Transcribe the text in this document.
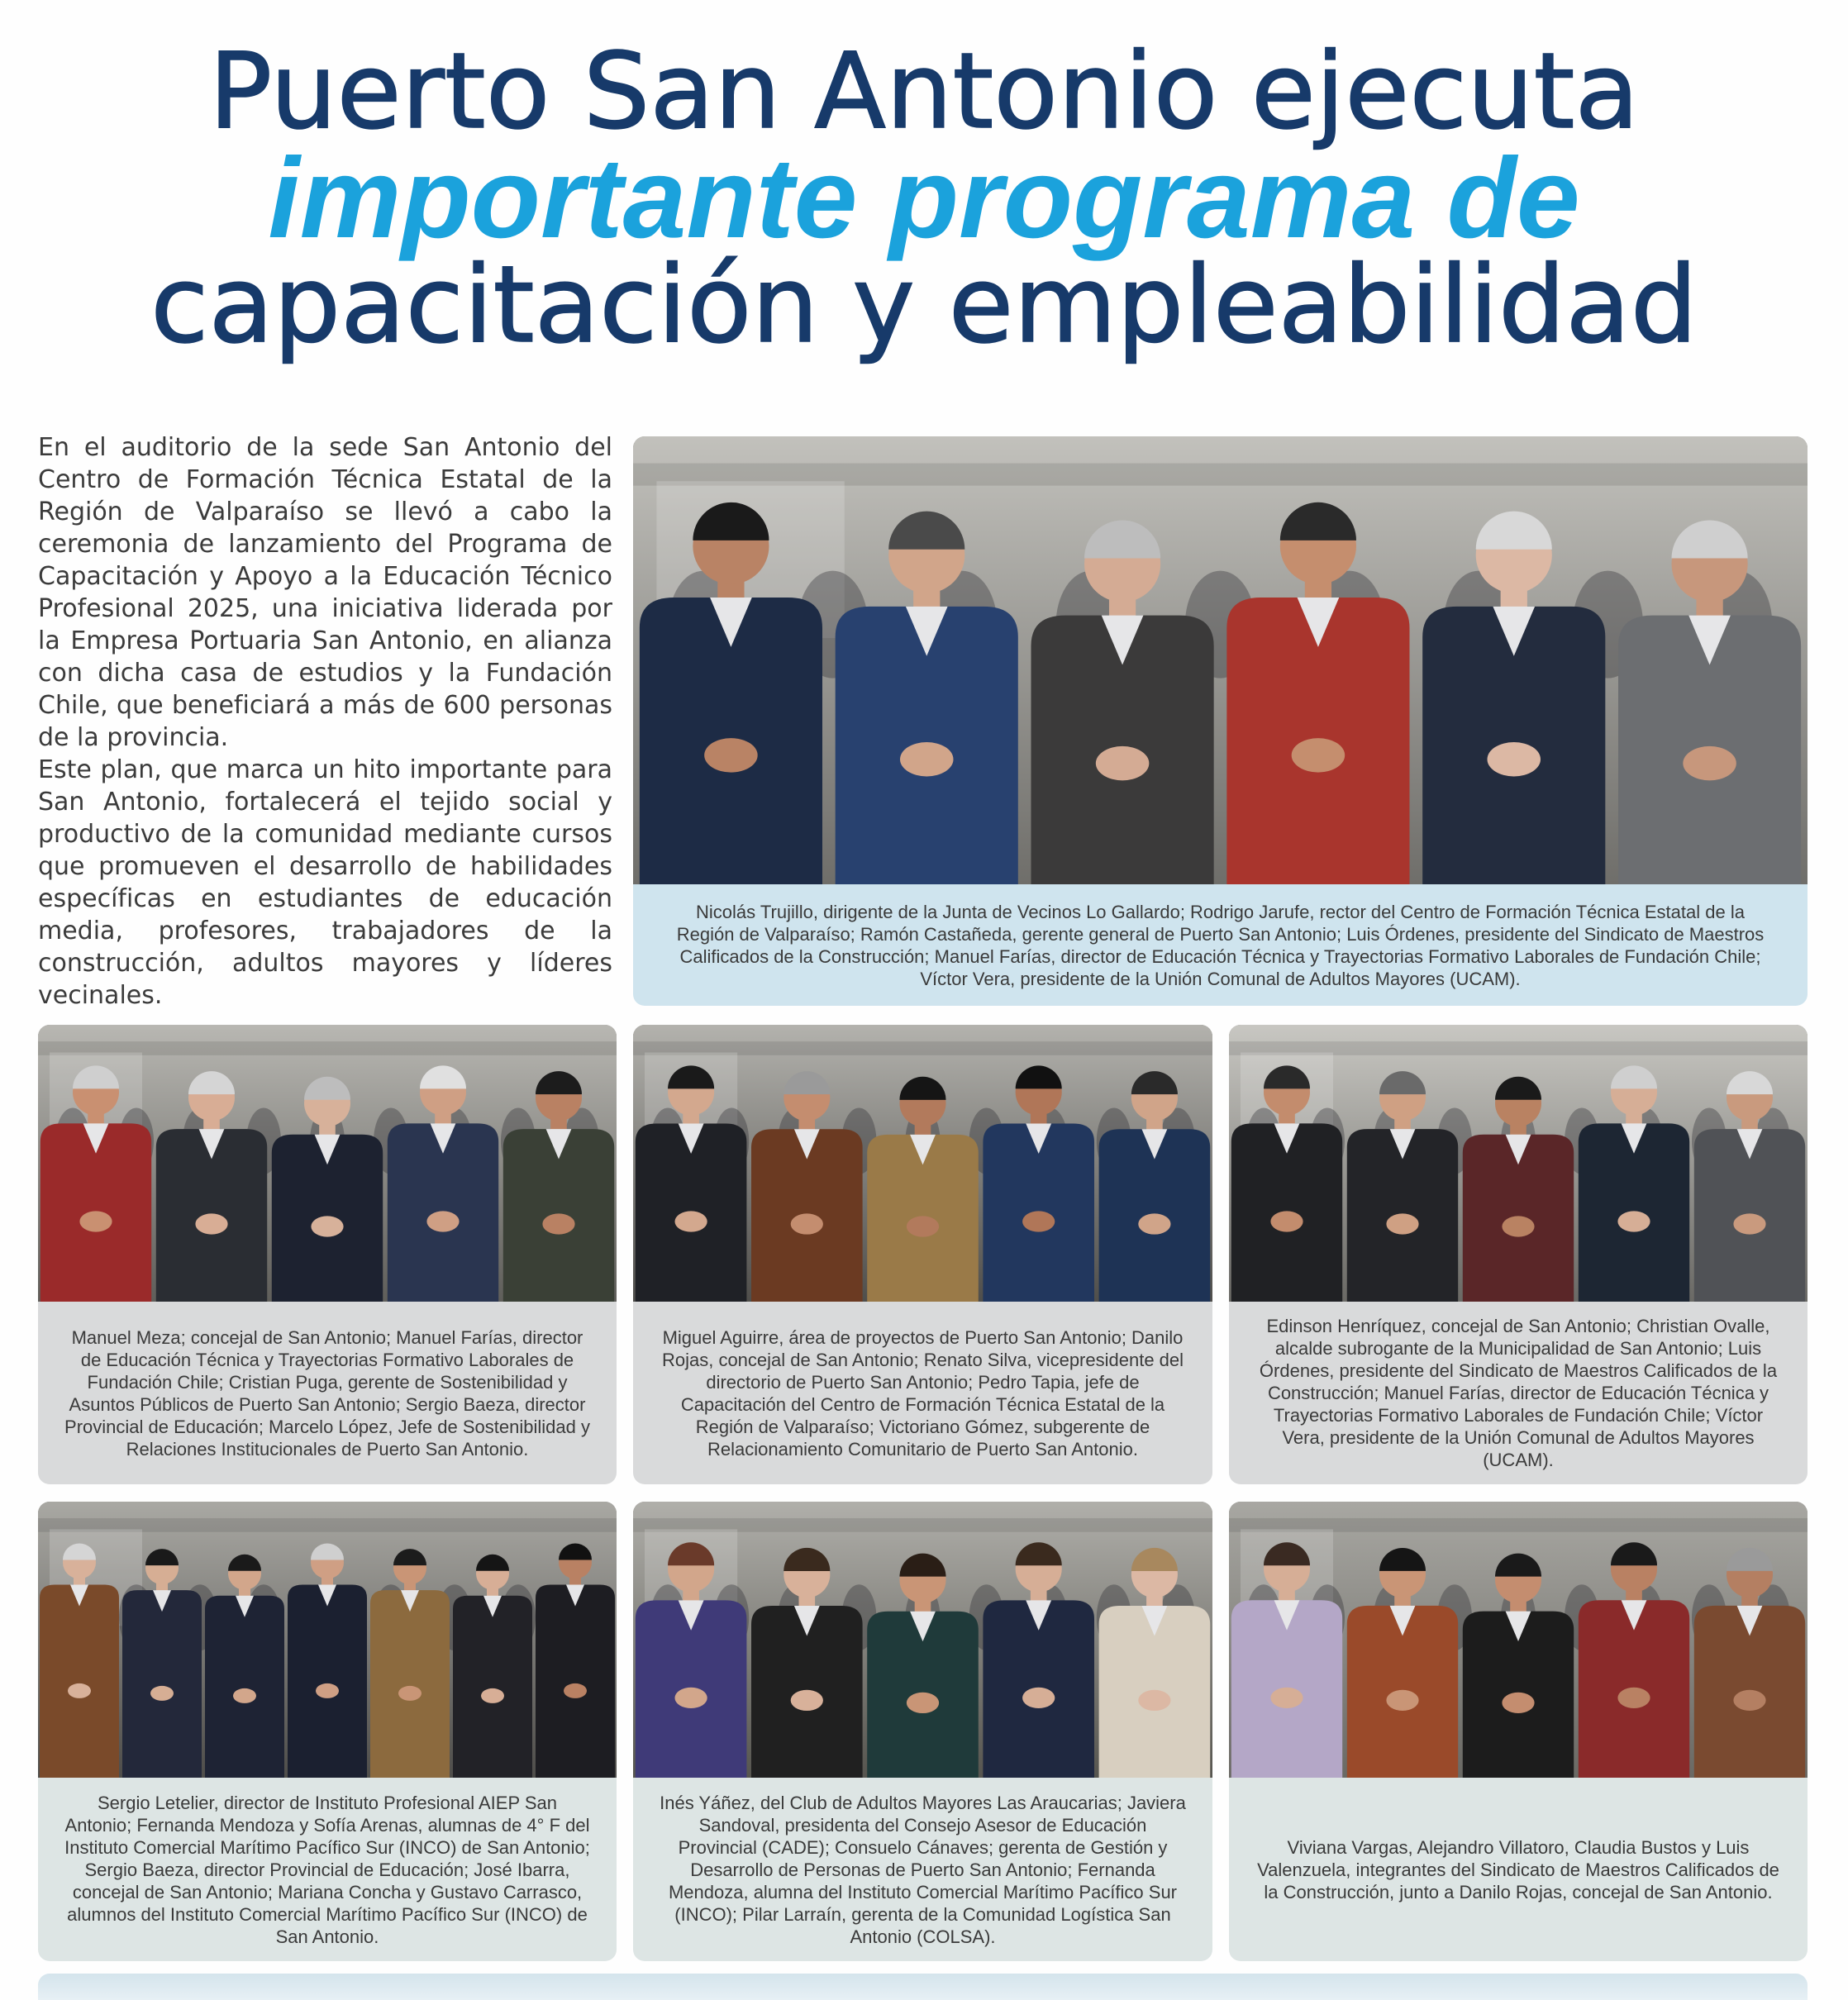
Puerto San Antonio ejecuta
importante programa de
capacitación y empleabilidad

En el auditorio de la sede San Antonio del Centro de Formación Técnica Estatal de la Región de Valparaíso se llevó a cabo la ceremonia de lanzamiento del Programa de Capacitación y Apoyo a la Educación Técnico Profesional 2025, una iniciativa liderada por la Empresa Portuaria San Antonio, en alianza con dicha casa de estudios y la Fundación Chile, que beneficiará a más de 600 personas de la provincia.

Este plan, que marca un hito importante para San Antonio, fortalecerá el tejido social y productivo de la comunidad mediante cursos que promueven el desarrollo de habilidades específicas en estudiantes de educación media, profesores, trabajadores de la construcción, adultos mayores y líderes vecinales.

Nicolás Trujillo, dirigente de la Junta de Vecinos Lo Gallardo; Rodrigo Jarufe, rector del Centro de Formación Técnica Estatal de la Región de Valparaíso; Ramón Castañeda, gerente general de Puerto San Antonio; Luis Órdenes, presidente del Sindicato de Maestros Calificados de la Construcción; Manuel Farías, director de Educación Técnica y Trayectorias Formativo Laborales de Fundación Chile; Víctor Vera, presidente de la Unión Comunal de Adultos Mayores (UCAM).
Manuel Meza; concejal de San Antonio; Manuel Farías, director de Educación Técnica y Trayectorias Formativo Laborales de Fundación Chile; Cristian Puga, gerente de Sostenibilidad y Asuntos Públicos de Puerto San Antonio; Sergio Baeza, director Provincial de Educación; Marcelo López, Jefe de Sostenibilidad y Relaciones Institucionales de Puerto San Antonio.
Miguel Aguirre, área de proyectos de Puerto San Antonio; Danilo Rojas, concejal de San Antonio; Renato Silva, vicepresidente del directorio de Puerto San Antonio; Pedro Tapia, jefe de Capacitación del Centro de Formación Técnica Estatal de la Región de Valparaíso; Victoriano Gómez, subgerente de Relacionamiento Comunitario de Puerto San Antonio.
Edinson Henríquez, concejal de San Antonio; Christian Ovalle, alcalde subrogante de la Municipalidad de San Antonio; Luis Órdenes, presidente del Sindicato de Maestros Calificados de la Construcción; Manuel Farías, director de Educación Técnica y Trayectorias Formativo Laborales de Fundación Chile; Víctor Vera, presidente de la Unión Comunal de Adultos Mayores (UCAM).
Sergio Letelier, director de Instituto Profesional AIEP San Antonio; Fernanda Mendoza y Sofía Arenas, alumnas de 4° F del Instituto Comercial Marítimo Pacífico Sur (INCO) de San Antonio; Sergio Baeza, director Provincial de Educación; José Ibarra, concejal de San Antonio; Mariana Concha y Gustavo Carrasco, alumnos del Instituto Comercial Marítimo Pacífico Sur (INCO) de San Antonio.
Inés Yáñez, del Club de Adultos Mayores Las Araucarias; Javiera Sandoval, presidenta del Consejo Asesor de Educación Provincial (CADE); Consuelo Cánaves; gerenta de Gestión y Desarrollo de Personas de Puerto San Antonio; Fernanda Mendoza, alumna del Instituto Comercial Marítimo Pacífico Sur (INCO); Pilar Larraín, gerenta de la Comunidad Logística San Antonio (COLSA).
Viviana Vargas, Alejandro Villatoro, Claudia Bustos y Luis Valenzuela, integrantes del Sindicato de Maestros Calificados de la Construcción, junto a Danilo Rojas, concejal de San Antonio.
